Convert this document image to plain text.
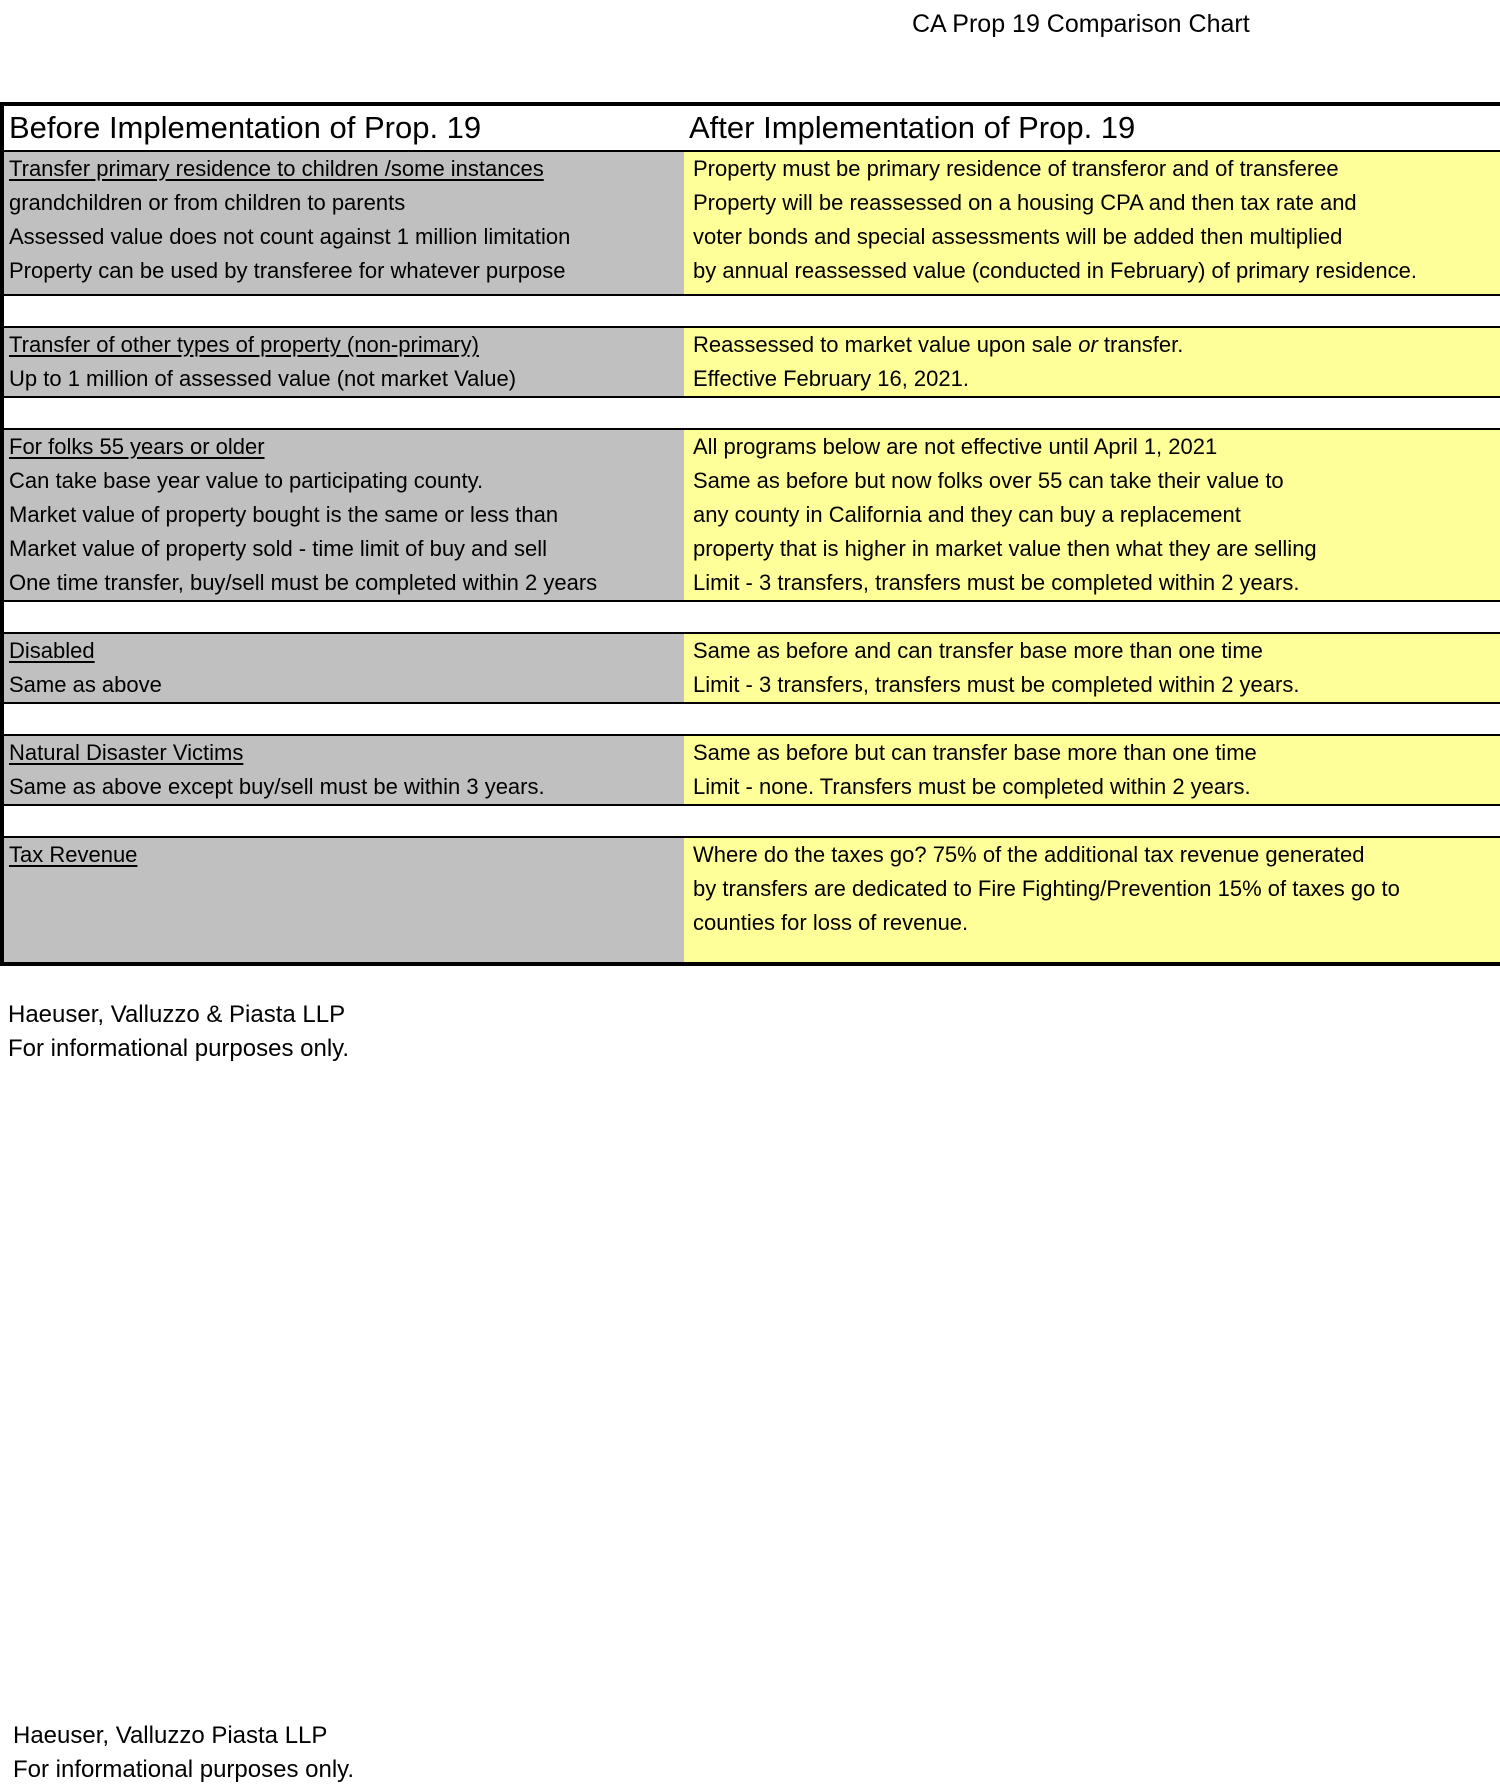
CA Prop 19 Comparison Chart
Before Implementation of Prop. 19	After Implementation of Prop. 19
Transfer primary residence to children /some instances
grandchildren or from children to parents
Assessed value does not count against 1 million limitation
Property can be used by transferee for whatever purpose
Property must be primary residence of transferor and of transferee
Property will be reassessed on a housing CPA and then tax rate and
voter bonds and special assessments will be added then multiplied
by annual reassessed value (conducted in February) of primary residence.
Transfer of other types of property (non-primary)
Up to 1 million of assessed value (not market Value)
Reassessed to market value upon sale or transfer.
Effective February 16, 2021.
For folks 55 years or older
Can take base year value to participating county.
Market value of property bought is the same or less than
Market value of property sold - time limit of buy and sell
One time transfer, buy/sell must be completed within 2 years
All programs below are not effective until April 1, 2021
Same as before but now folks over 55 can take their value to
any county in California and they can buy a replacement
property that is higher in market value then what they are selling
Limit - 3 transfers, transfers must be completed within 2 years.
Disabled
Same as above
Same as before and can transfer base more than one time
Limit - 3 transfers, transfers must be completed within 2 years.
Natural Disaster Victims
Same as above except buy/sell must be within 3 years.
Same as before but can transfer base more than one time
Limit - none. Transfers must be completed within 2 years.
Tax Revenue	Where do the taxes go? 75% of the additional tax revenue generated
by transfers are dedicated to Fire Fighting/Prevention 15% of taxes go to
counties for loss of revenue.
Haeuser, Valluzzo & Piasta LLP
For informational purposes only.
Haeuser, Valluzzo Piasta LLP
For informational purposes only.
